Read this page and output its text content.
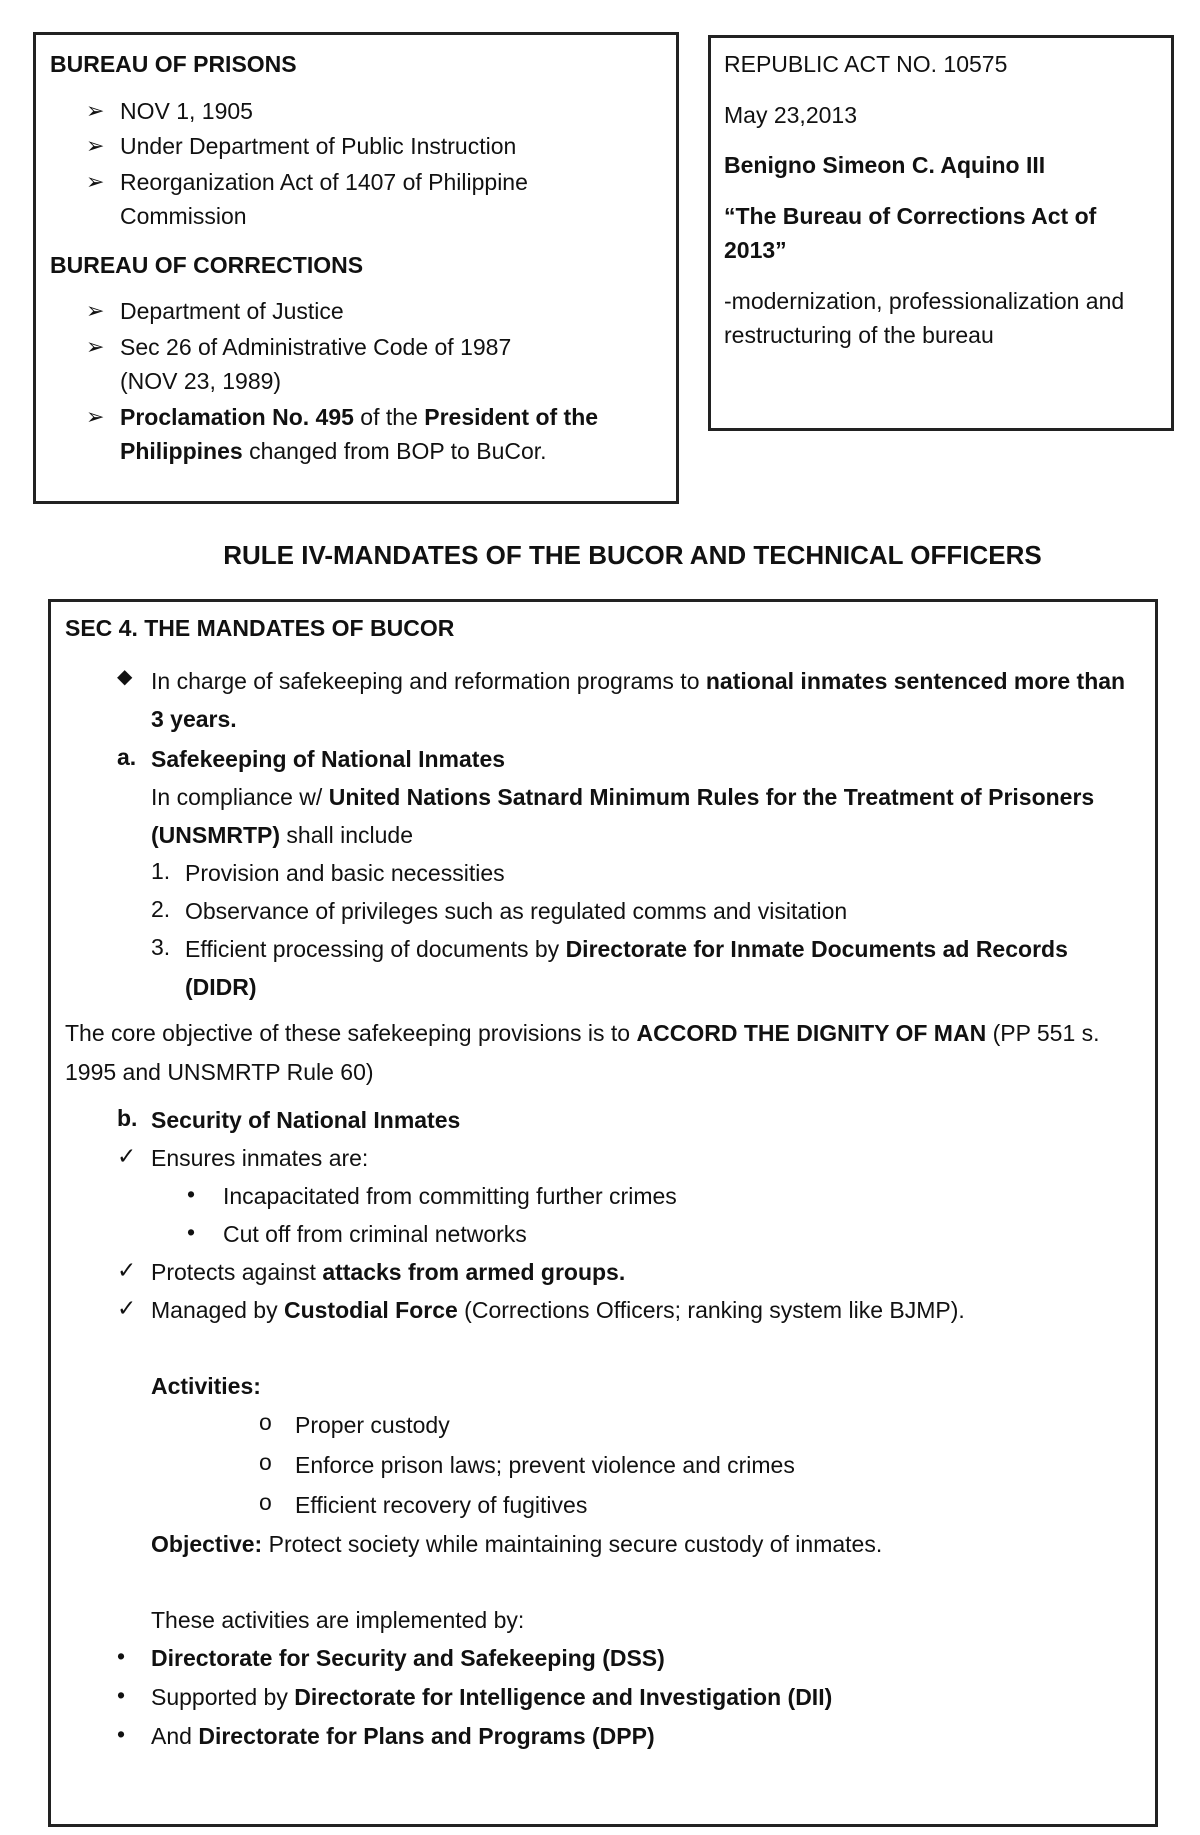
BUREAU OF PRISONS

➢ NOV 1, 1905
➢ Under Department of Public Instruction
➢ Reorganization Act of 1407 of Philippine Commission

BUREAU OF CORRECTIONS

➢ Department of Justice
➢ Sec 26 of Administrative Code of 1987 (NOV 23, 1989)
➢ Proclamation No. 495 of the President of the Philippines changed from BOP to BuCor.

REPUBLIC ACT NO. 10575

May 23,2013

Benigno Simeon C. Aquino III

“The Bureau of Corrections Act of 2013”

-modernization, professionalization and restructuring of the bureau

RULE IV-MANDATES OF THE BUCOR AND TECHNICAL OFFICERS

SEC 4. THE MANDATES OF BUCOR

◆ In charge of safekeeping and reformation programs to national inmates sentenced more than 3 years.
a. Safekeeping of National Inmates
In compliance w/ United Nations Satnard Minimum Rules for the Treatment of Prisoners (UNSMRTP) shall include
1. Provision and basic necessities
2. Observance of privileges such as regulated comms and visitation
3. Efficient processing of documents by Directorate for Inmate Documents ad Records (DIDR)

The core objective of these safekeeping provisions is to ACCORD THE DIGNITY OF MAN (PP 551 s. 1995 and UNSMRTP Rule 60)

b. Security of National Inmates
✓ Ensures inmates are:
•	Incapacitated from committing further crimes
•	Cut off from criminal networks
✓ Protects against attacks from armed groups.
✓ Managed by Custodial Force (Corrections Officers; ranking system like BJMP).

Activities:

o	Proper custody
o	Enforce prison laws; prevent violence and crimes
o	Efficient recovery of fugitives

Objective: Protect society while maintaining secure custody of inmates.

These activities are implemented by:

•	Directorate for Security and Safekeeping (DSS)
•	Supported by Directorate for Intelligence and Investigation (DII)
•	And Directorate for Plans and Programs (DPP)
